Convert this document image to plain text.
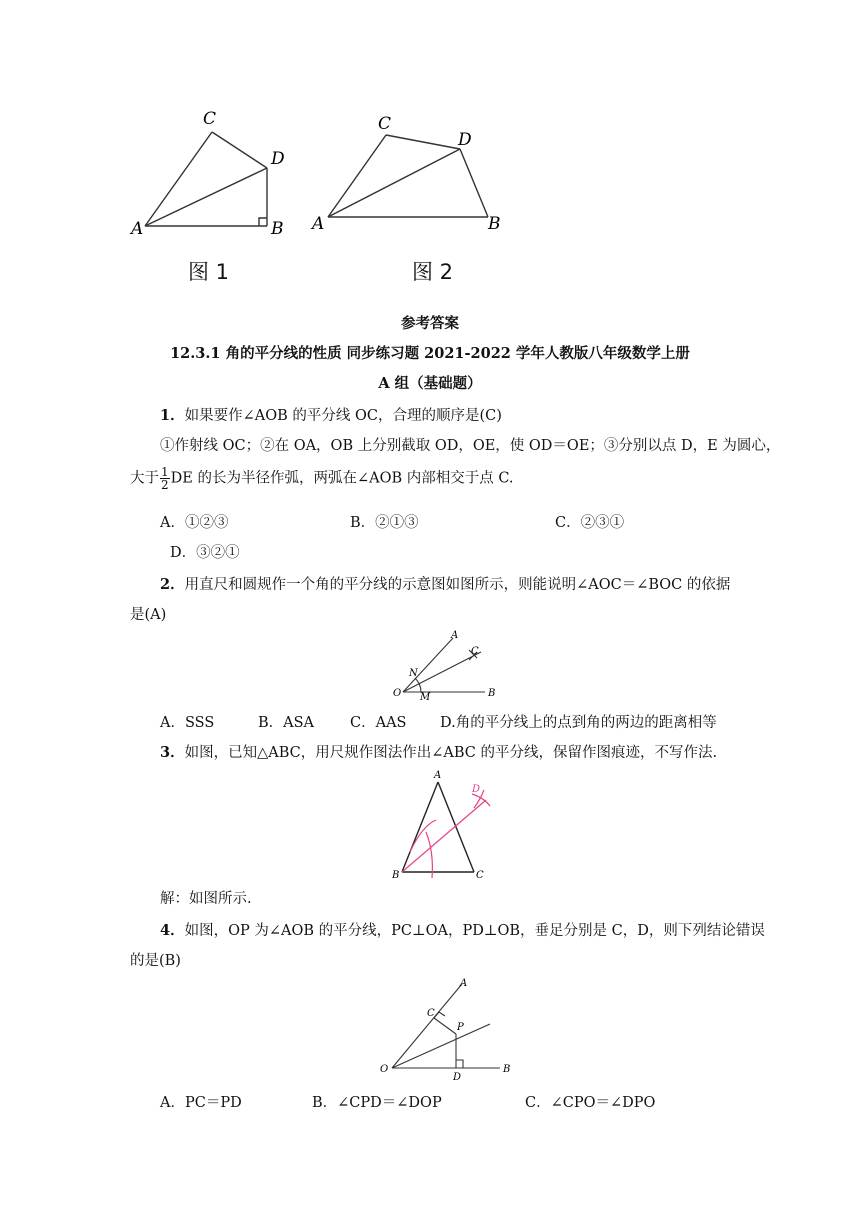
C
D
A	B
图 1
C
D
A	B
图 2
参考答案
12.3.1 角的平分线的性质 同步练习题 2021-2022 学年人教版八年级数学上册
A 组（基础题）
1．如果要作∠AOB 的平分线 OC，合理的顺序是(C)
①作射线 OC；②在 OA，OB 上分别截取 OD，OE，使 OD＝OE；③分别以点 D，E 为圆心，
大于 $\frac{1}{2}$ DE 的长为半径作弧，两弧在∠AOB 内部相交于点 C.
A．①②③	B．②①③	C．②③①
D．③②①
2．用直尺和圆规作一个角的平分线的示意图如图所示，则能说明∠AOC＝∠BOC 的依据
是(A)
A
C
N
O M	B
A．SSS	B．ASA C．AAS D.角的平分线上的点到角的两边的距离相等
3．如图，已知△ABC，用尺规作图法作出∠ABC 的平分线，保留作图痕迹，不写作法.
A
D
B	C
解：如图所示.
4．如图，OP 为∠AOB 的平分线，PC⊥OA，PD⊥OB，垂足分别是 C，D，则下列结论错误
的是(B)
A
C
P
O
D
B
A．PC＝PD	B．∠CPD＝∠DOP	C．∠CPO＝∠DPO
